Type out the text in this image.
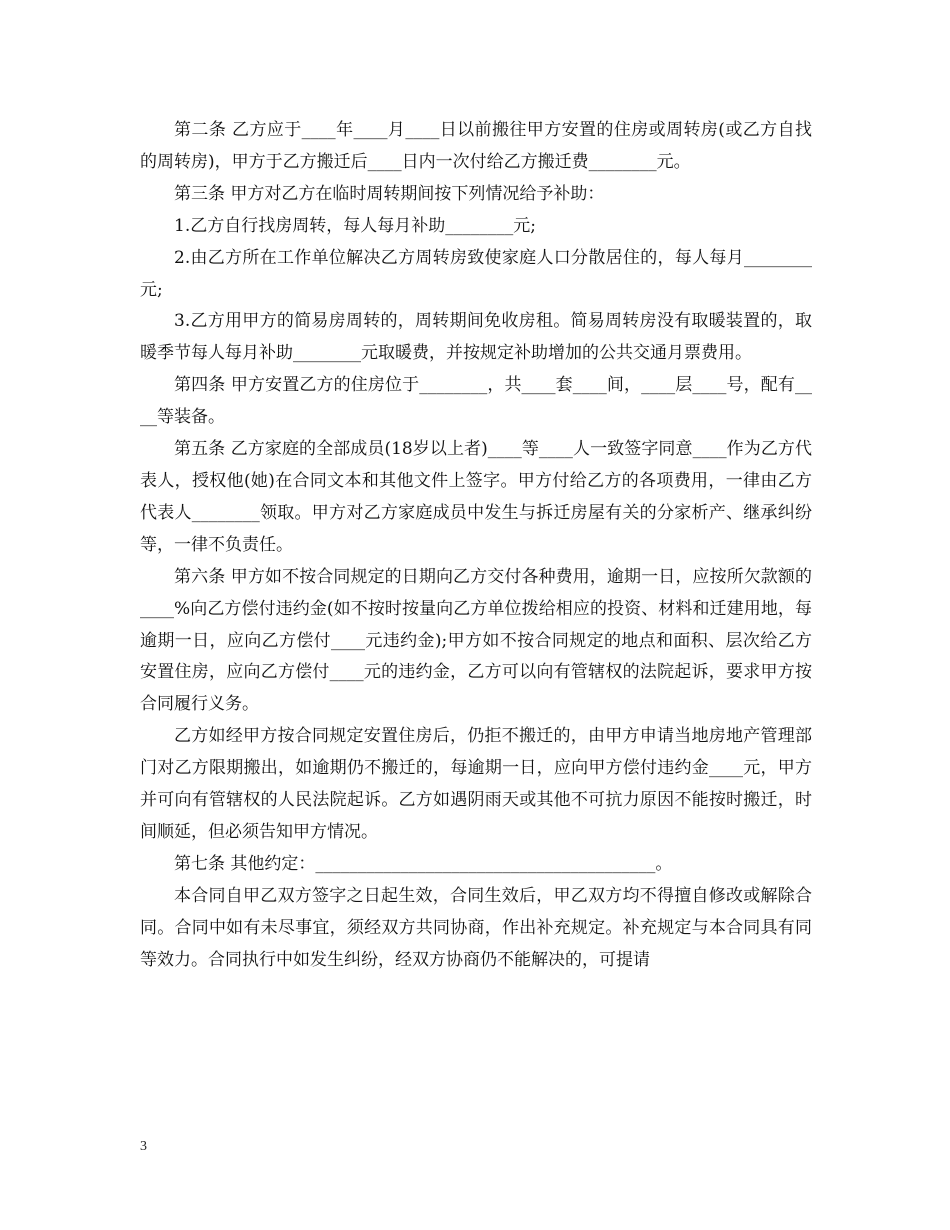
第二条 乙方应于____年____月____日以前搬往甲方安置的住房或周转房(或乙方自找的周转房)，甲方于乙方搬迁后____日内一次付给乙方搬迁费________元。

第三条 甲方对乙方在临时周转期间按下列情况给予补助：

1.乙方自行找房周转，每人每月补助________元;

2.由乙方所在工作单位解决乙方周转房致使家庭人口分散居住的，每人每月________元;

3.乙方用甲方的简易房周转的，周转期间免收房租。简易周转房没有取暖装置的，取暖季节每人每月补助________元取暖费，并按规定补助增加的公共交通月票费用。

第四条 甲方安置乙方的住房位于________，共____套____间，____层____号，配有____等装备。

第五条 乙方家庭的全部成员(18岁以上者)____等____人一致签字同意____作为乙方代表人，授权他(她)在合同文本和其他文件上签字。甲方付给乙方的各项费用，一律由乙方代表人________领取。甲方对乙方家庭成员中发生与拆迁房屋有关的分家析产、继承纠纷等，一律不负责任。

第六条 甲方如不按合同规定的日期向乙方交付各种费用，逾期一日，应按所欠款额的____%向乙方偿付违约金(如不按时按量向乙方单位拨给相应的投资、材料和迁建用地，每逾期一日，应向乙方偿付____元违约金);甲方如不按合同规定的地点和面积、层次给乙方安置住房，应向乙方偿付____元的违约金，乙方可以向有管辖权的法院起诉，要求甲方按合同履行义务。

乙方如经甲方按合同规定安置住房后，仍拒不搬迁的，由甲方申请当地房地产管理部门对乙方限期搬出，如逾期仍不搬迁的，每逾期一日，应向甲方偿付违约金____元，甲方并可向有管辖权的人民法院起诉。乙方如遇阴雨天或其他不可抗力原因不能按时搬迁，时间顺延，但必须告知甲方情况。

第七条 其他约定：________________________________________。

本合同自甲乙双方签字之日起生效，合同生效后，甲乙双方均不得擅自修改或解除合同。合同中如有未尽事宜，须经双方共同协商，作出补充规定。补充规定与本合同具有同等效力。合同执行中如发生纠纷，经双方协商仍不能解决的，可提请

3
